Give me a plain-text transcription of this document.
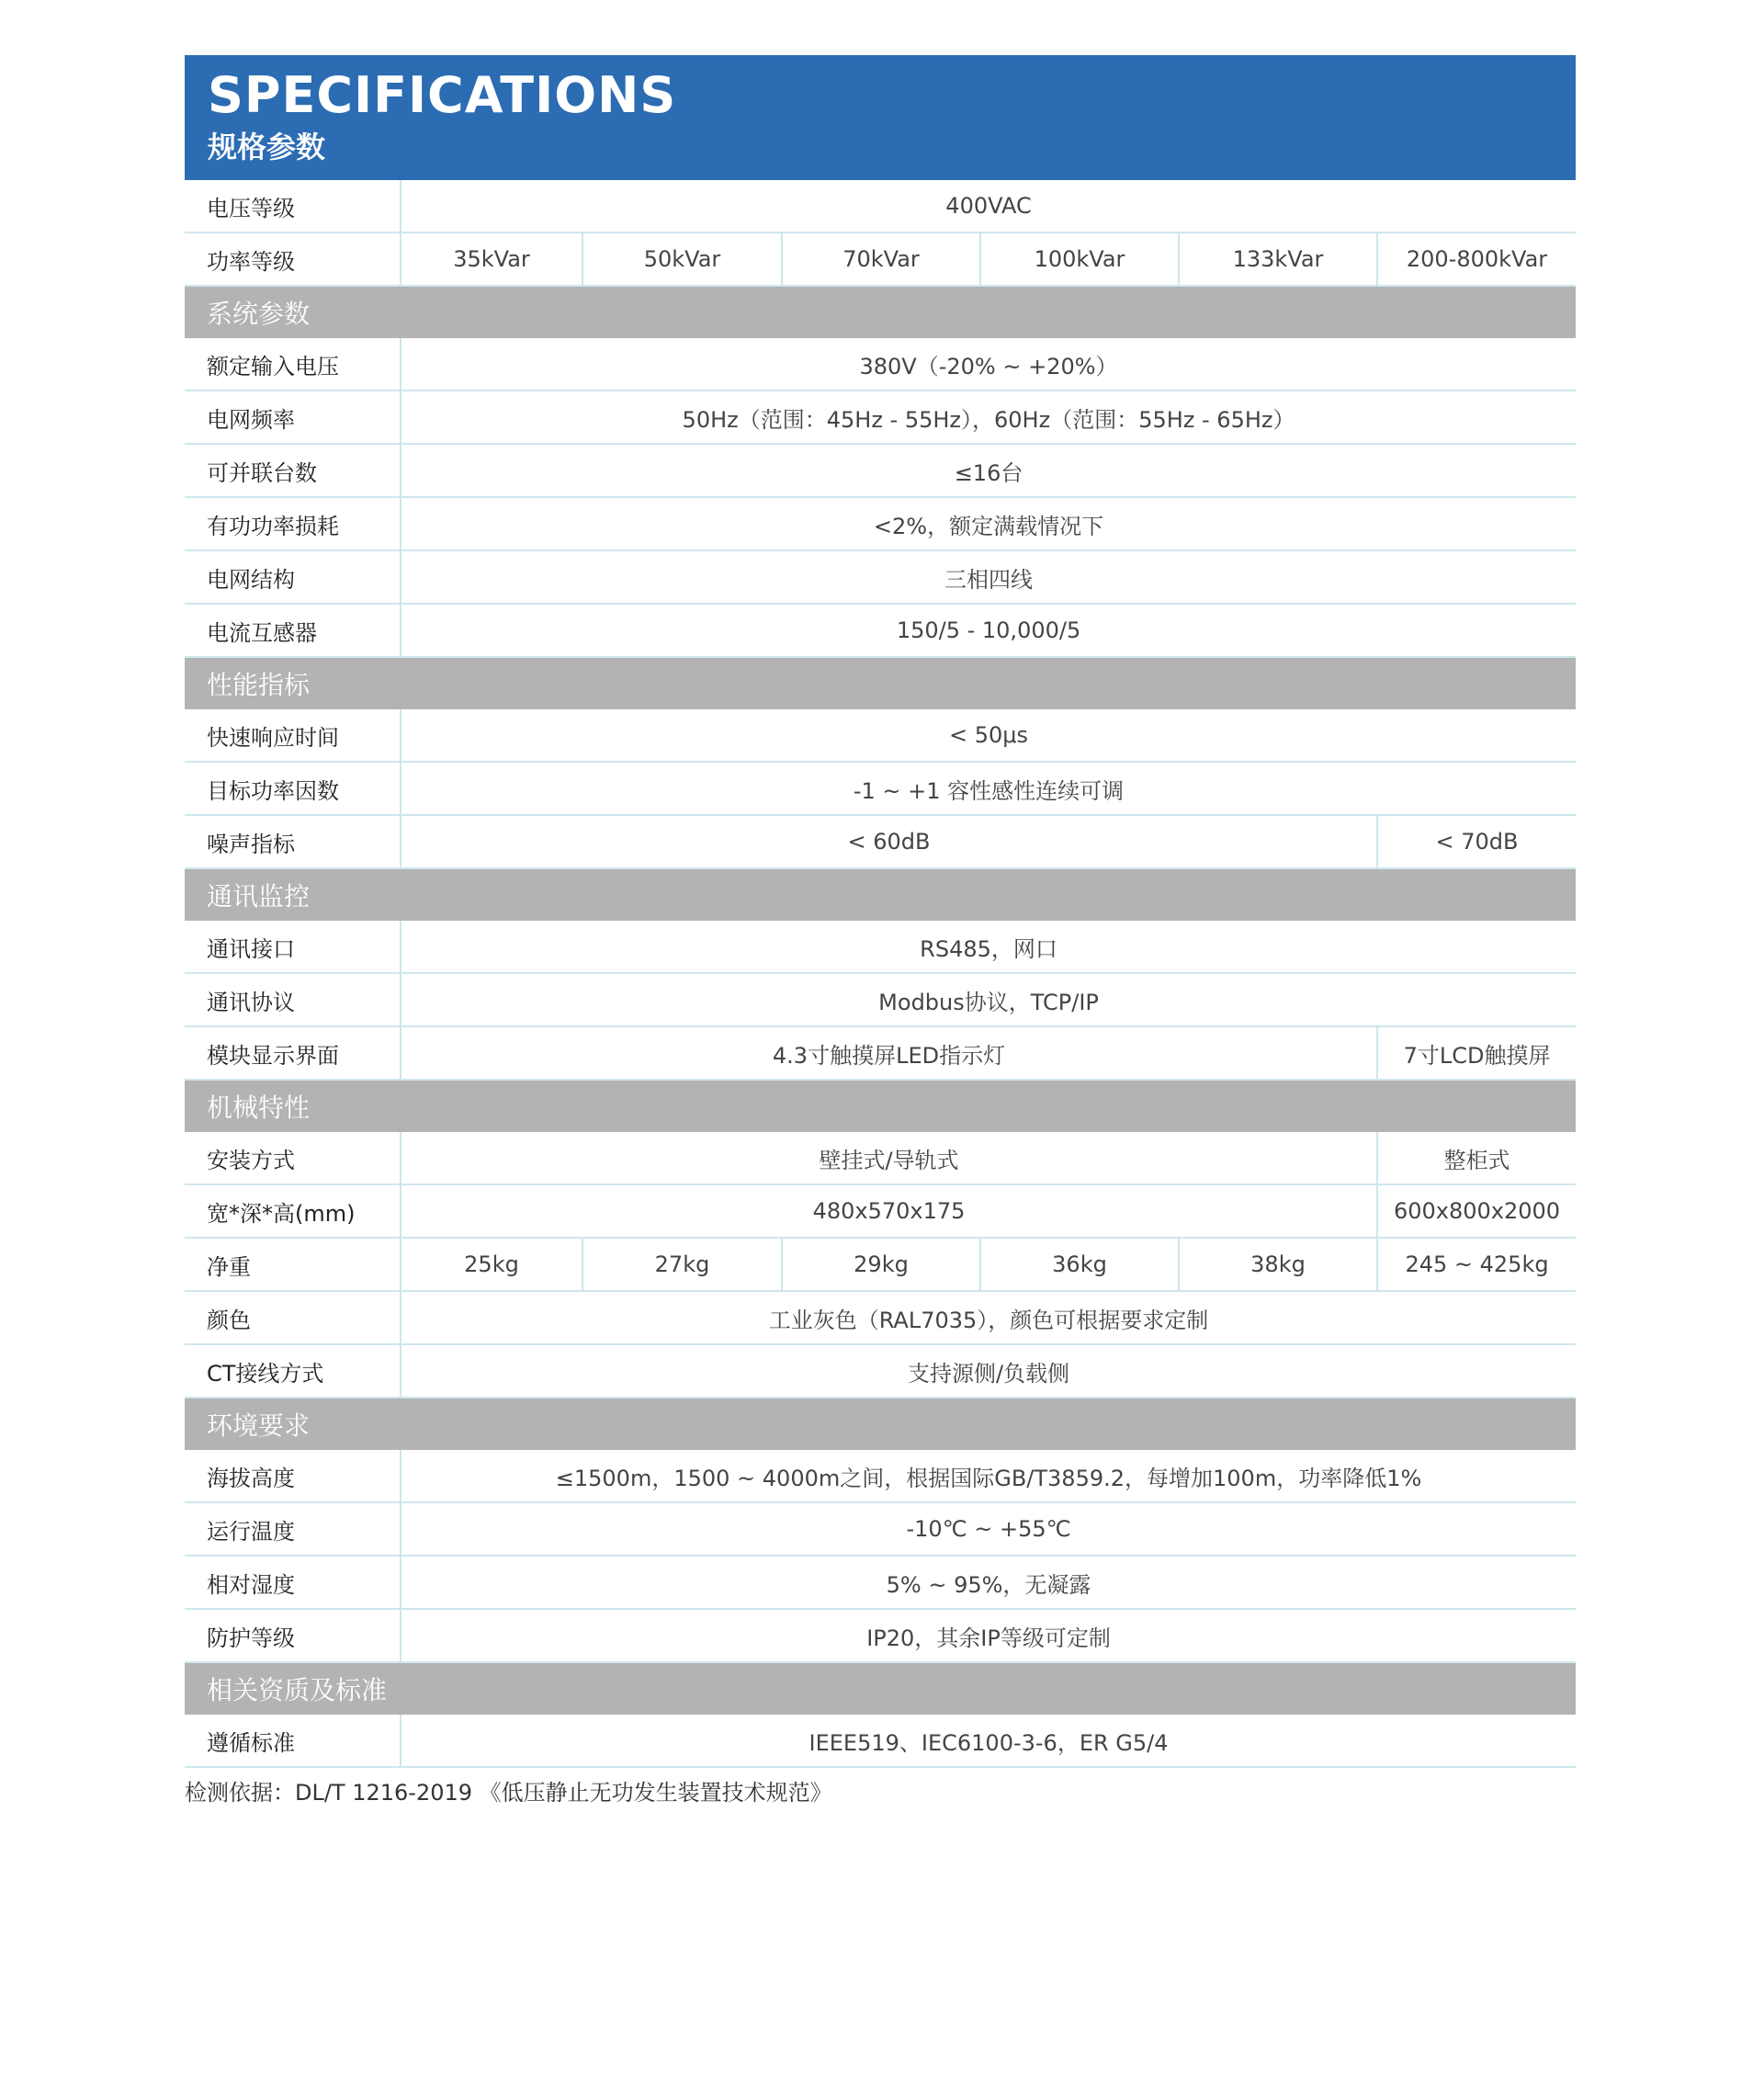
SPECIFICATIONS
规格参数
电压等级	400VAC					
功率等级	35kVar	50kVar	70kVar	100kVar	133kVar	200-800kVar
系统参数						
额定输入电压	380V（-20% ~ +20%）					
电网频率	50Hz（范围：45Hz - 55Hz），60Hz（范围：55Hz - 65Hz）					
可并联台数	≤16台					
有功功率损耗	<2%，额定满载情况下					
电网结构	三相四线					
电流互感器	150/5 - 10,000/5					
性能指标						
快速响应时间	< 50μs					
目标功率因数	-1 ~ +1 容性感性连续可调					
噪声指标	< 60dB					< 70dB
通讯监控						
通讯接口	RS485，网口					
通讯协议	Modbus协议，TCP/IP					
模块显示界面	4.3寸触摸屏LED指示灯					7寸LCD触摸屏
机械特性						
安装方式	壁挂式/导轨式					整柜式
宽*深*高(mm)	480x570x175					600x800x2000
净重	25kg	27kg	29kg	36kg	38kg	245 ~ 425kg
颜色	工业灰色（RAL7035），颜色可根据要求定制					
CT接线方式	支持源侧/负载侧					
环境要求						
海拔高度	≤1500m，1500 ~ 4000m之间，根据国际GB/T3859.2，每增加100m，功率降低1%					
运行温度	-10℃ ~ +55℃					
相对湿度	5% ~ 95%，无凝露					
防护等级	IP20，其余IP等级可定制					
相关资质及标准						
遵循标准	IEEE519、IEC6100-3-6，ER G5/4					
检测依据：DL/T 1216-2019 《低压静止无功发生装置技术规范》
